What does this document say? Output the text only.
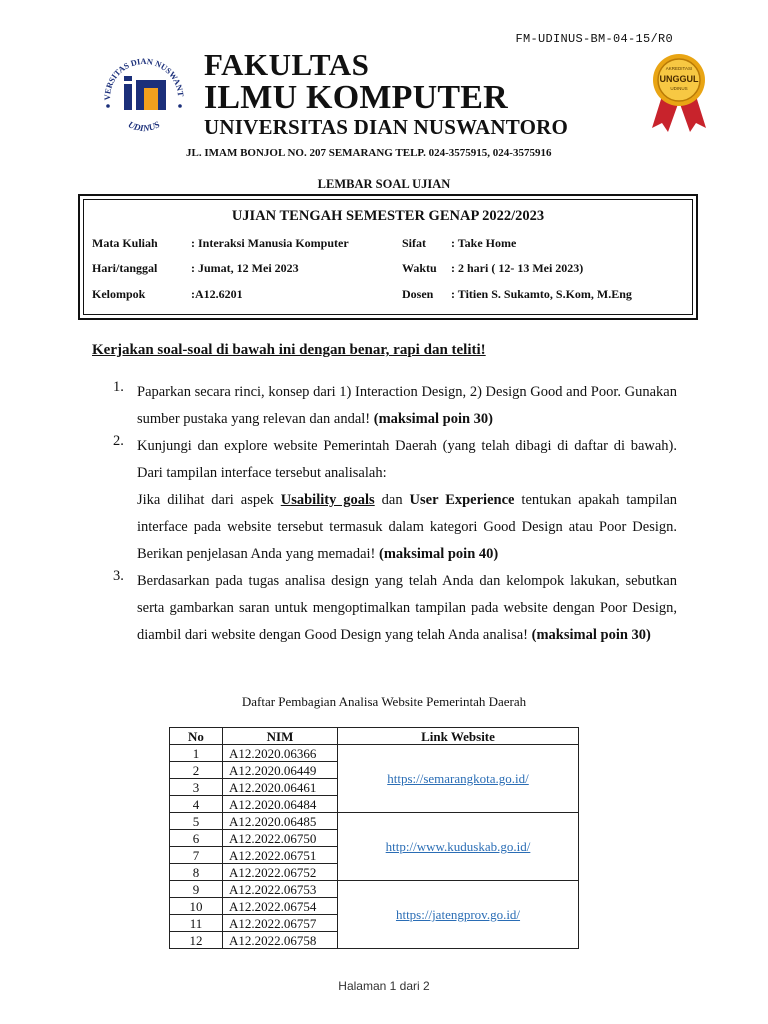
FM-UDINUS-BM-04-15/R0
VERSITAS DIAN NUSWANT
UDINUS
AKREDITASI
UNGGUL
UDINUS
FAKULTAS
ILMU KOMPUTER
UNIVERSITAS DIAN NUSWANTORO
JL. IMAM BONJOL NO. 207 SEMARANG TELP. 024-3575915, 024-3575916
LEMBAR SOAL UJIAN
UJIAN TENGAH SEMESTER GENAP 2022/2023
Mata Kuliah	: Interaksi Manusia Komputer	Sifat : Take Home
Hari/tanggal	: Jumat, 12 Mei 2023	Waktu : 2 hari ( 12- 13 Mei 2023)
Kelompok	:A12.6201	Dosen : Titien S. Sukamto, S.Kom, M.Eng
Kerjakan soal-soal di bawah ini dengan benar, rapi dan teliti!
1. Paparkan secara rinci, konsep dari 1) Interaction Design, 2) Design Good and Poor. Gunakan sumber pustaka yang relevan dan andal! (maksimal poin 30)
2. Kunjungi dan explore website Pemerintah Daerah (yang telah dibagi di daftar di bawah). Dari tampilan interface tersebut analisalah:
Jika dilihat dari aspek Usability goals dan User Experience tentukan apakah tampilan interface pada website tersebut termasuk dalam kategori Good Design atau Poor Design. Berikan penjelasan Anda yang memadai! (maksimal poin 40)
3. Berdasarkan pada tugas analisa design yang telah Anda dan kelompok lakukan, sebutkan serta gambarkan saran untuk mengoptimalkan tampilan pada website dengan Poor Design, diambil dari website dengan Good Design yang telah Anda analisa! (maksimal poin 30)
Daftar Pembagian Analisa Website Pemerintah Daerah
No	NIM	Link Website
1	A12.2020.06366	https://semarangkota.go.id/
2	A12.2020.06449	
3	A12.2020.06461	
4	A12.2020.06484	
5	A12.2020.06485	http://www.kuduskab.go.id/
6	A12.2022.06750	
7	A12.2022.06751	
8	A12.2022.06752	
9	A12.2022.06753	https://jatengprov.go.id/
10	A12.2022.06754	
11	A12.2022.06757	
12	A12.2022.06758	
Halaman 1 dari 2
